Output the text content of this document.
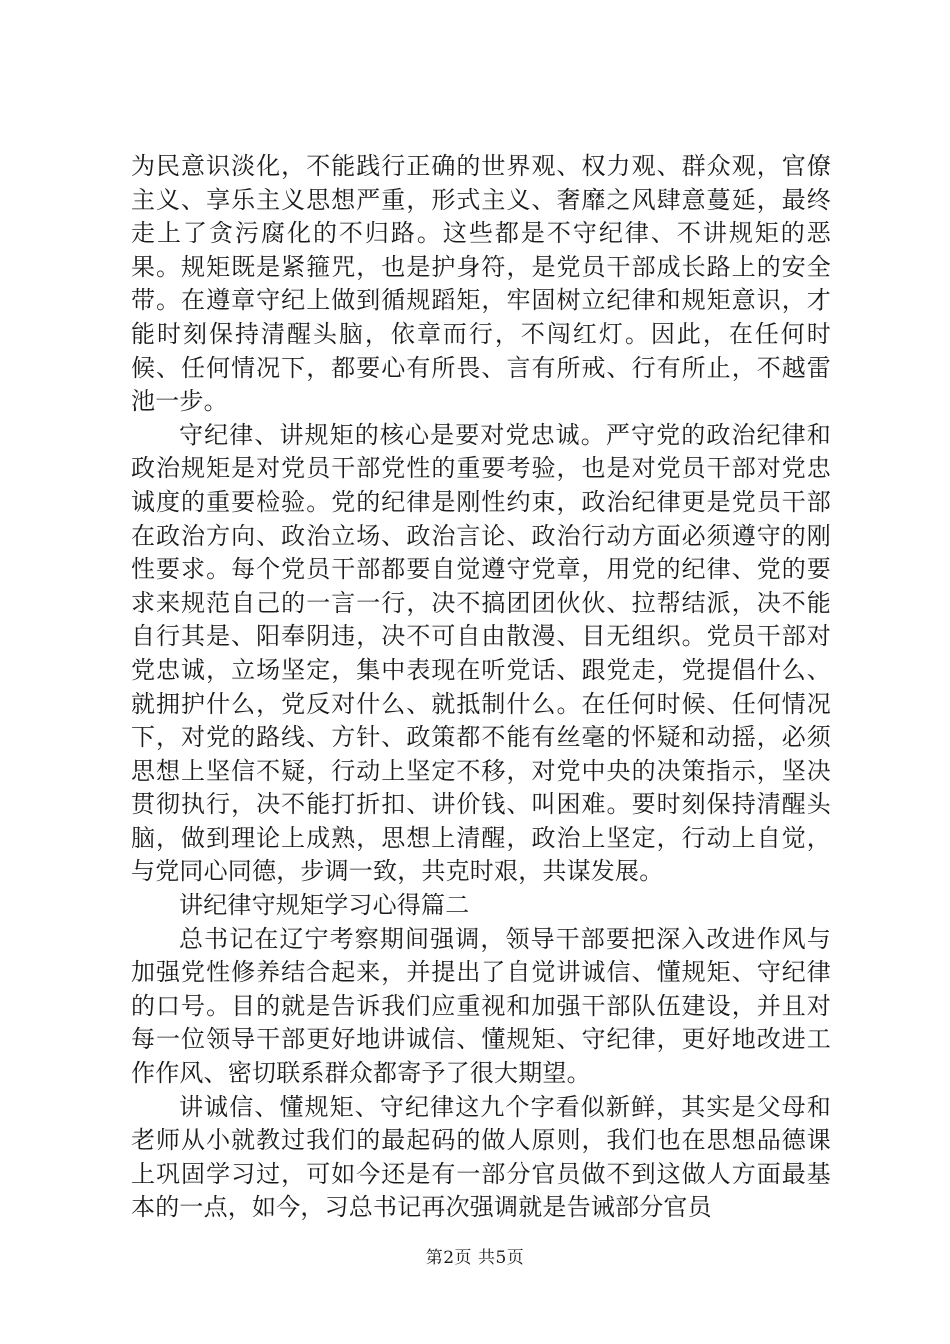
为民意识淡化，不能践行正确的世界观、权力观、群众观，官僚主义、享乐主义思想严重，形式主义、奢靡之风肆意蔓延，最终走上了贪污腐化的不归路。这些都是不守纪律、不讲规矩的恶果。规矩既是紧箍咒，也是护身符，是党员干部成长路上的安全带。在遵章守纪上做到循规蹈矩，牢固树立纪律和规矩意识，才能时刻保持清醒头脑，依章而行，不闯红灯。因此，在任何时候、任何情况下，都要心有所畏、言有所戒、行有所止，不越雷池一步。

守纪律、讲规矩的核心是要对党忠诚。严守党的政治纪律和政治规矩是对党员干部党性的重要考验，也是对党员干部对党忠诚度的重要检验。党的纪律是刚性约束，政治纪律更是党员干部在政治方向、政治立场、政治言论、政治行动方面必须遵守的刚性要求。每个党员干部都要自觉遵守党章，用党的纪律、党的要求来规范自己的一言一行，决不搞团团伙伙、拉帮结派，决不能自行其是、阳奉阴违，决不可自由散漫、目无组织。党员干部对党忠诚，立场坚定，集中表现在听党话、跟党走，党提倡什么、就拥护什么，党反对什么、就抵制什么。在任何时候、任何情况下，对党的路线、方针、政策都不能有丝毫的怀疑和动摇，必须思想上坚信不疑，行动上坚定不移，对党中央的决策指示，坚决贯彻执行，决不能打折扣、讲价钱、叫困难。要时刻保持清醒头脑，做到理论上成熟，思想上清醒，政治上坚定，行动上自觉，与党同心同德，步调一致，共克时艰，共谋发展。

讲纪律守规矩学习心得篇二

总书记在辽宁考察期间强调，领导干部要把深入改进作风与加强党性修养结合起来，并提出了自觉讲诚信、懂规矩、守纪律的口号。目的就是告诉我们应重视和加强干部队伍建设，并且对每一位领导干部更好地讲诚信、懂规矩、守纪律，更好地改进工作作风、密切联系群众都寄予了很大期望。

讲诚信、懂规矩、守纪律这九个字看似新鲜，其实是父母和老师从小就教过我们的最起码的做人原则，我们也在思想品德课上巩固学习过，可如今还是有一部分官员做不到这做人方面最基本的一点，如今，习总书记再次强调就是告诫部分官员

第2页 共5页
